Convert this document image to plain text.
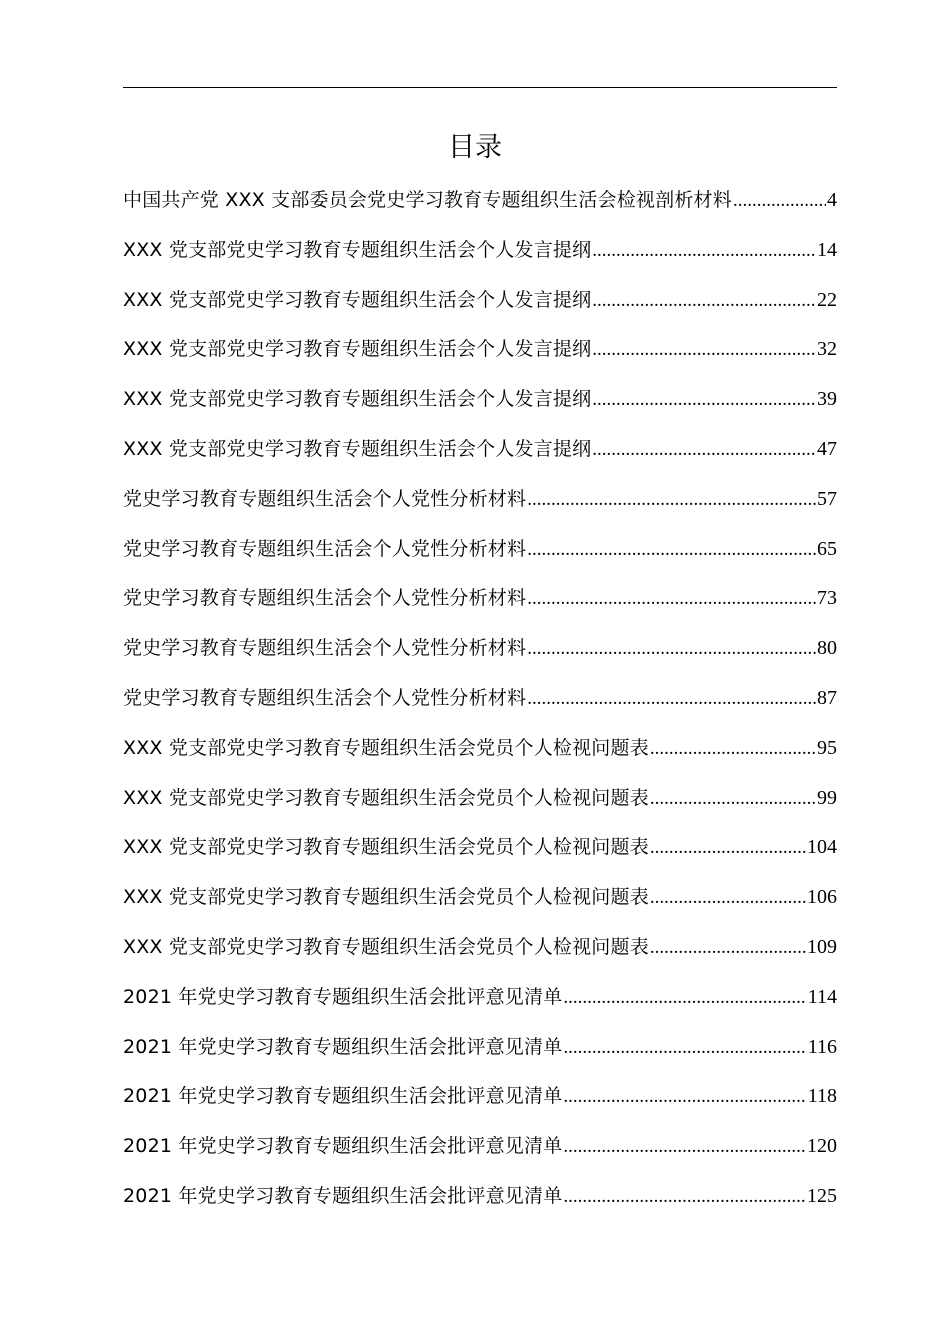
目录
中国共产党 XXX 支部委员会党史学习教育专题组织生活会检视剖析材料 .....	4
XXX 党支部党史学习教育专题组织生活会个人发言提纲 .....	14
XXX 党支部党史学习教育专题组织生活会个人发言提纲 .....	22
XXX 党支部党史学习教育专题组织生活会个人发言提纲 .....	32
XXX 党支部党史学习教育专题组织生活会个人发言提纲 .....	39
XXX 党支部党史学习教育专题组织生活会个人发言提纲 .....	47
党史学习教育专题组织生活会个人党性分析材料 .....	57
党史学习教育专题组织生活会个人党性分析材料 .....	65
党史学习教育专题组织生活会个人党性分析材料 .....	73
党史学习教育专题组织生活会个人党性分析材料 .....	80
党史学习教育专题组织生活会个人党性分析材料 .....	87
XXX 党支部党史学习教育专题组织生活会党员个人检视问题表 .....	95
XXX 党支部党史学习教育专题组织生活会党员个人检视问题表 .....	99
XXX 党支部党史学习教育专题组织生活会党员个人检视问题表 .....	104
XXX 党支部党史学习教育专题组织生活会党员个人检视问题表 .....	106
XXX 党支部党史学习教育专题组织生活会党员个人检视问题表 .....	109
2021 年党史学习教育专题组织生活会批评意见清单 .....	114
2021 年党史学习教育专题组织生活会批评意见清单 .....	116
2021 年党史学习教育专题组织生活会批评意见清单 .....	118
2021 年党史学习教育专题组织生活会批评意见清单 .....	120
2021 年党史学习教育专题组织生活会批评意见清单 .....	125
